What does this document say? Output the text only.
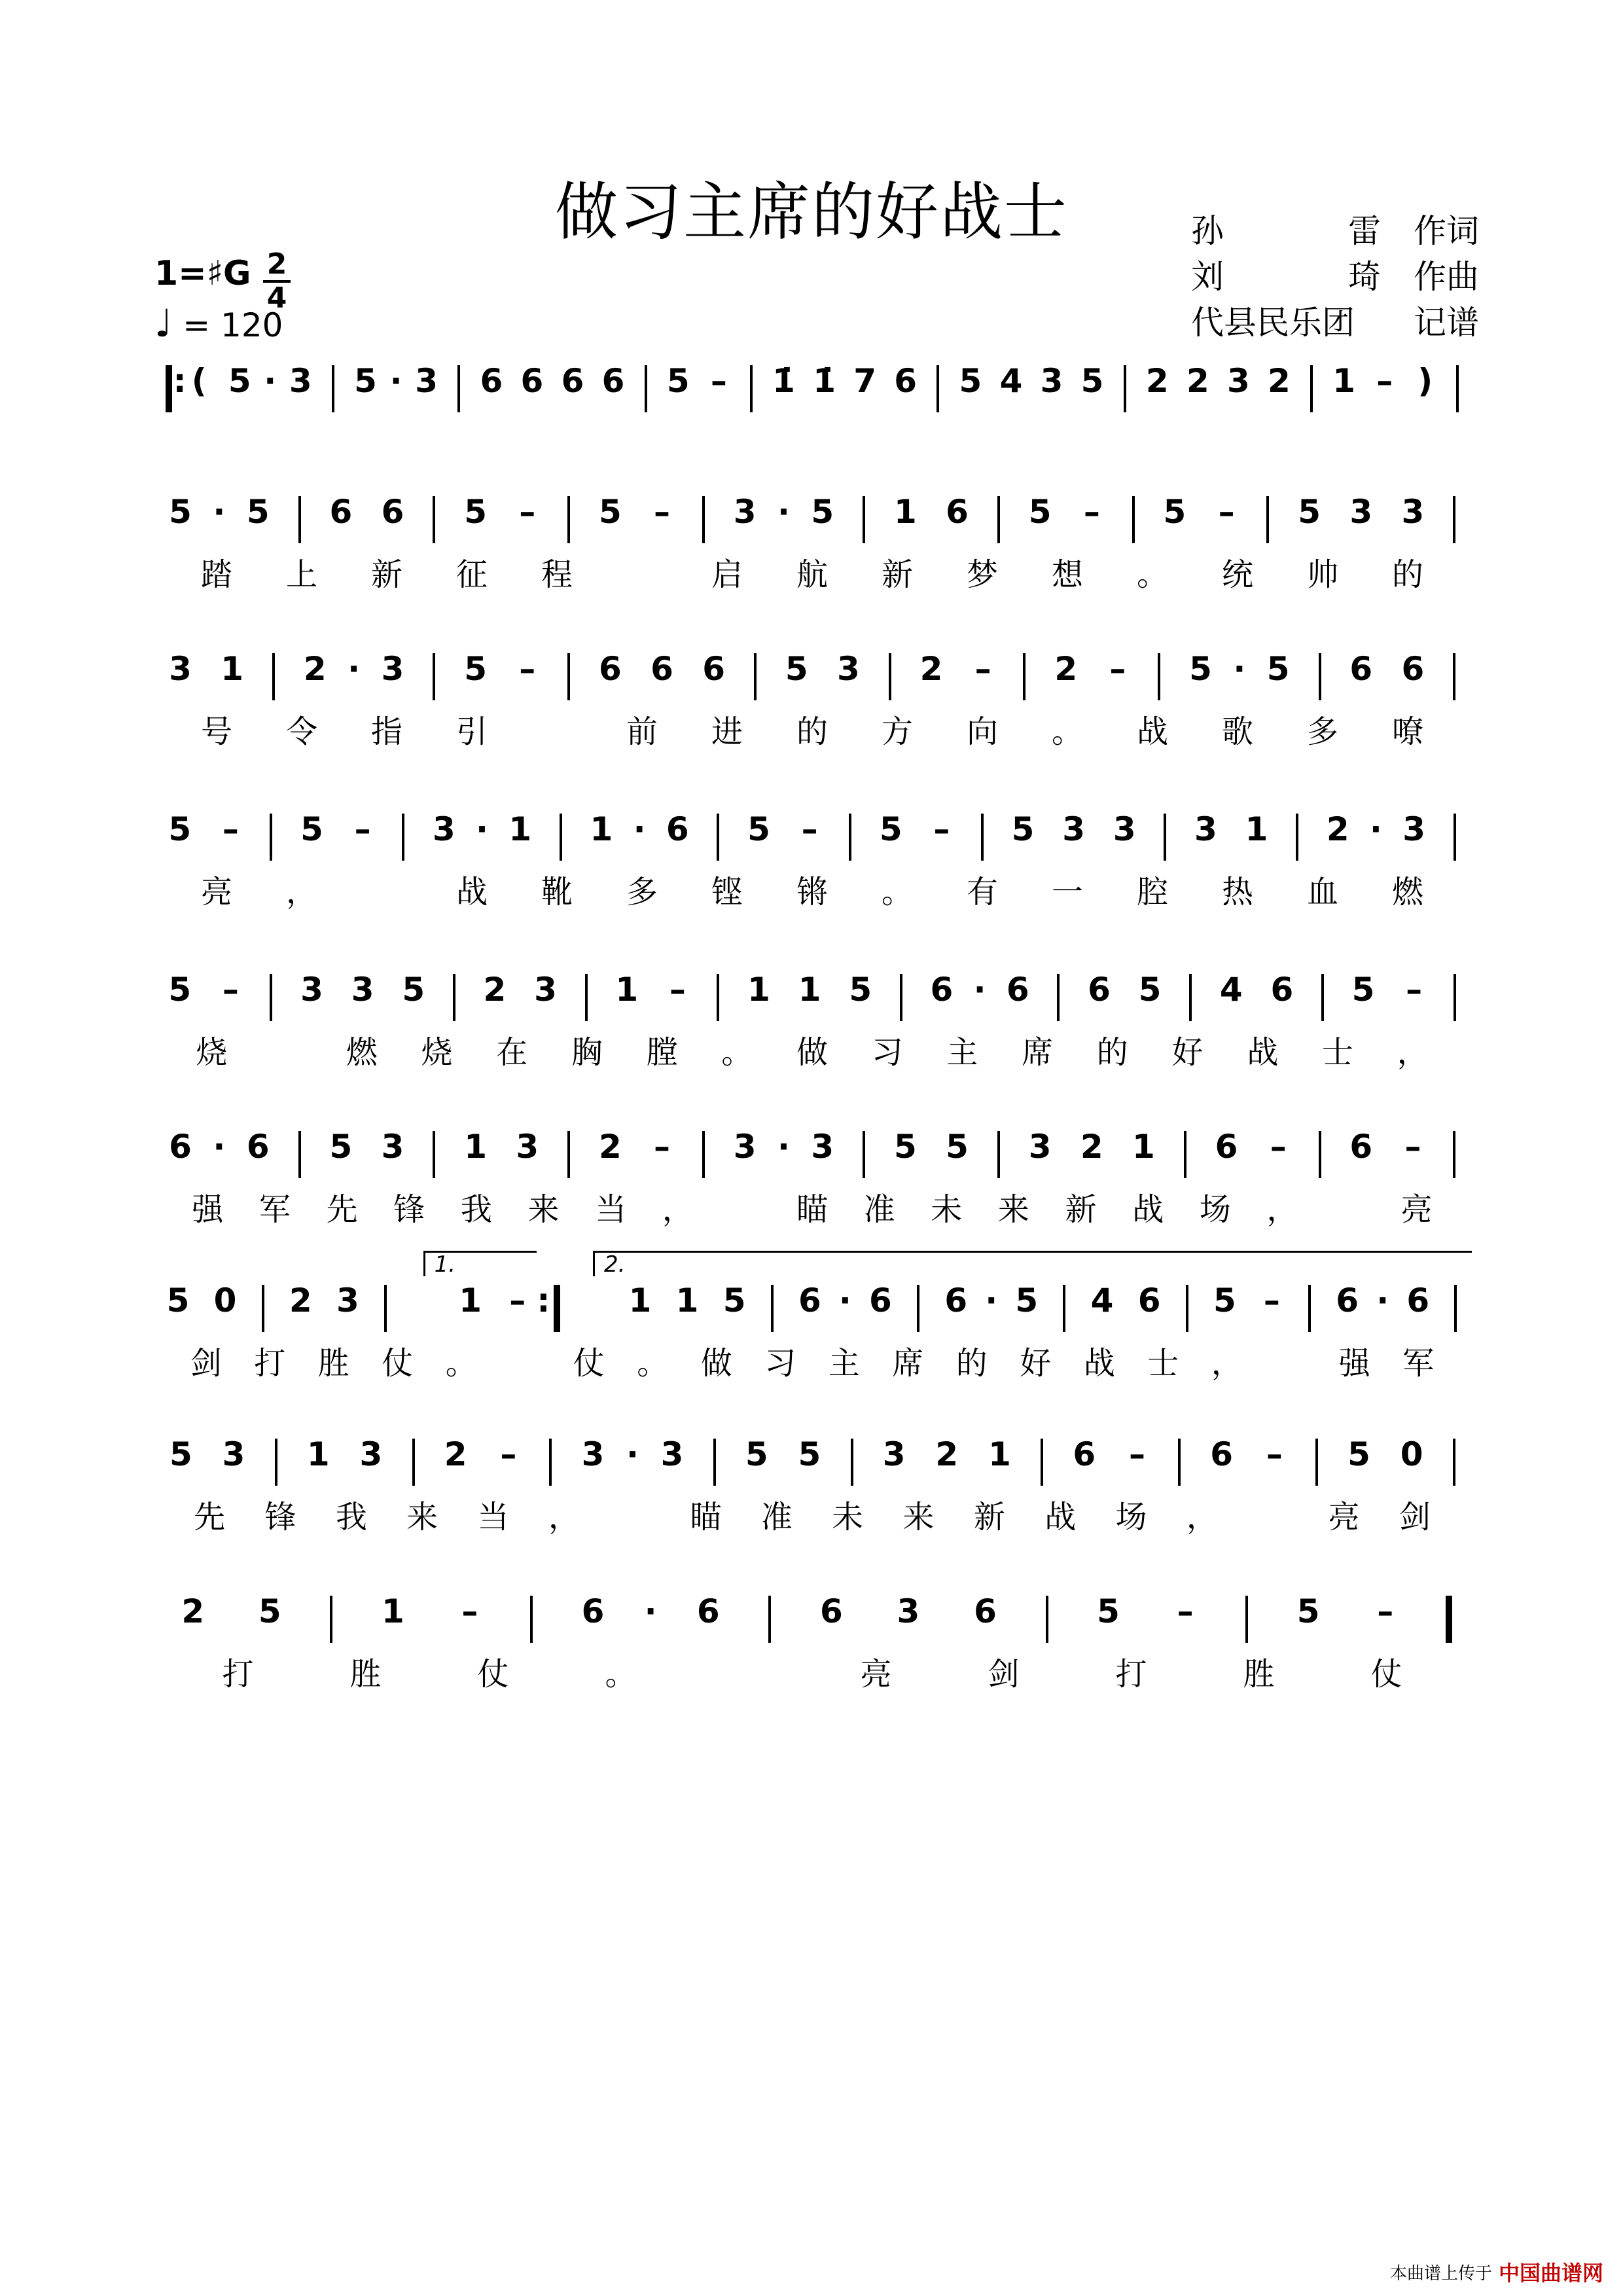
做习主席的好战士	孙	雷 作词
刘	琦 作曲
代县民乐团 记谱
1=♯G 2
4
♩ = 120
: ( 5 · 3 5 · 3 6 6 6 6 5 – 1̇ 1̇ 7 6 5 4 3 5 2 2 3 2 1 – )
5 · 5 6 6 5 – 5 – 3 · 5 1 6 5 – 5 – 5 3 3
踏 上 新 征 程	启 航 新 梦 想 。 统 帅 的
3 1 2 · 3 5 – 6 6 6 5 3 2 – 2 – 5 · 5 6 6
号 令 指 引	前 进 的 方 向 。 战 歌 多 嘹
5 – 5 – 3 · 1 1 · 6 5 – 5 – 5 3 3 3 1 2 · 3
亮 ，	战 靴 多 铿 锵 。 有 一 腔 热 血 燃
5 – 3 3 5 2 3 1 – 1 1 5 6 · 6 6 5 4 6 5 –
烧	燃 烧 在 胸 膛 。 做 习 主 席 的 好 战 士 ，
6 · 6 5 3 1 3 2 – 3 · 3 5 5 3 2 1 6 – 6 –
强 军 先 锋 我 来 当 ，	瞄 准 未 来 新 战 场 ，	亮
5 0 2 3	1 – : 1 1 5 6 · 6 6 · 5 4 6 5 – 6 · 6
剑 打 胜 仗 。	仗 。 做 习 主 席 的 好 战 士 ，	强 军
1.	2.
5 3 1 3 2 – 3 · 3 5 5 3 2 1 6 – 6 – 5 0
先 锋 我 来 当 ，	瞄 准 未 来 新 战 场 ，	亮 剑
2 5	1 –	6 · 6	6 3 6	5 –	5 –
打	胜	仗	。	亮	剑	打	胜	仗
本曲谱上传于 中国曲谱网
